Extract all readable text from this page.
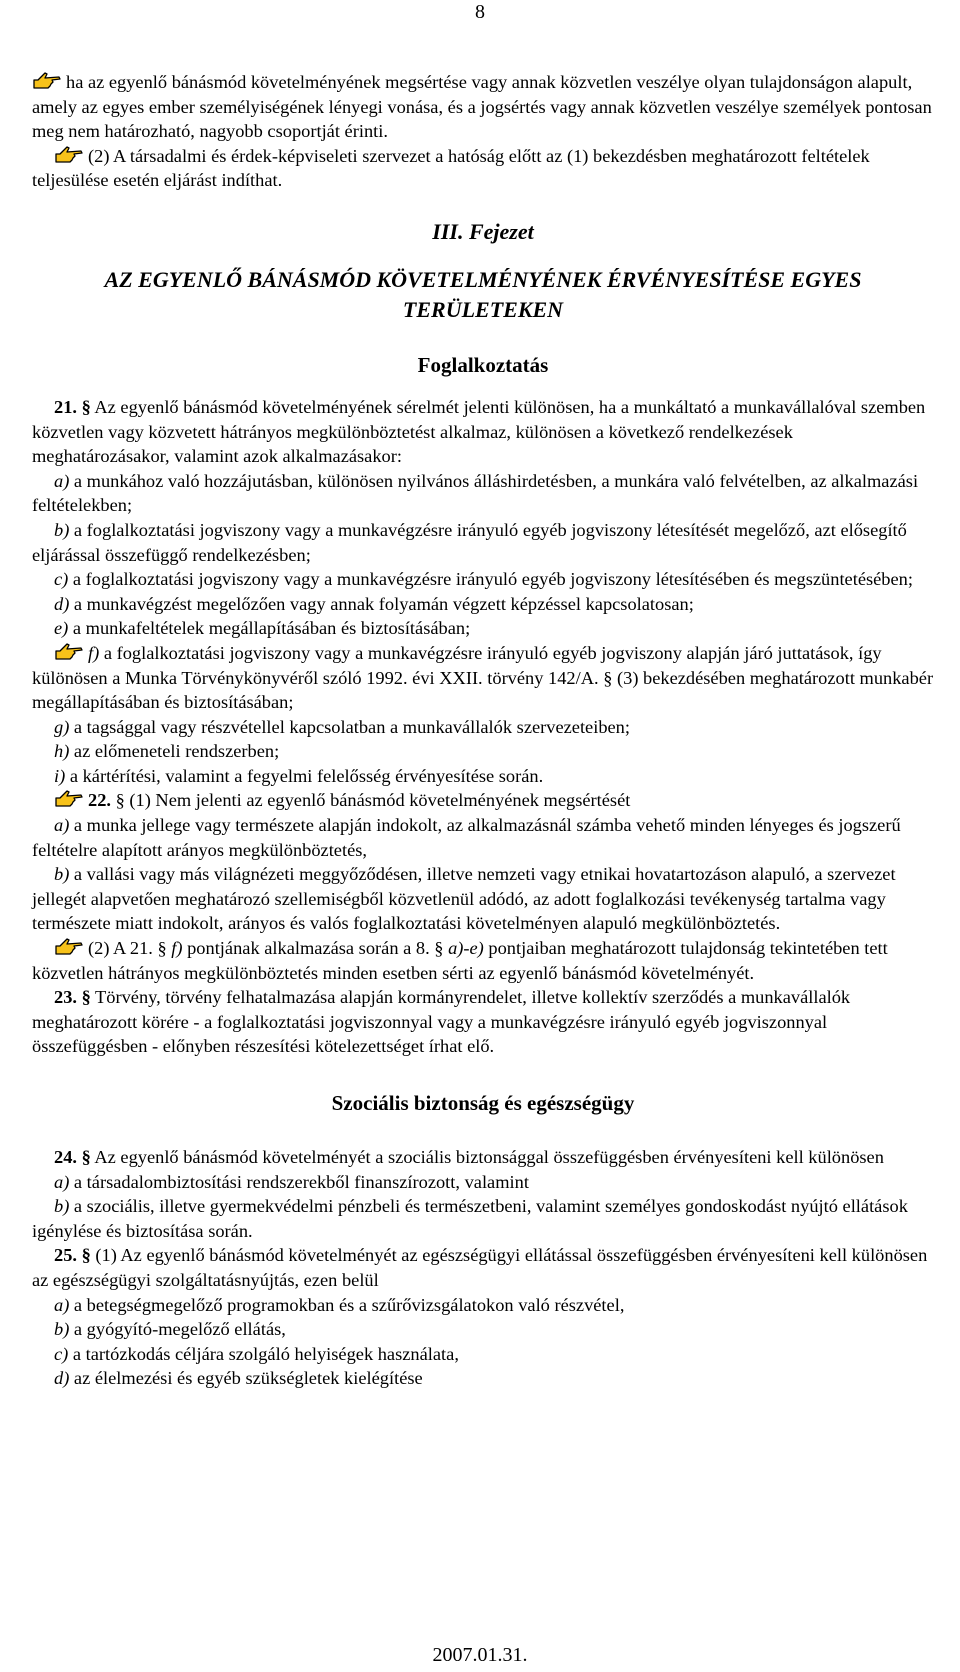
8

ha az egyenlő bánásmód követelményének megsértése vagy annak közvetlen veszélye olyan tulajdonságon alapult, amely az egyes ember személyiségének lényegi vonása, és a jogsértés vagy annak közvetlen veszélye személyek pontosan meg nem határozható, nagyobb csoportját érinti.

(2) A társadalmi és érdek-képviseleti szervezet a hatóság előtt az (1) bekezdésben meghatározott feltételek teljesülése esetén eljárást indíthat.

III. Fejezet
AZ EGYENLŐ BÁNÁSMÓD KÖVETELMÉNYÉNEK ÉRVÉNYESÍTÉSE EGYES TERÜLETEKEN
Foglalkoztatás

21. § Az egyenlő bánásmód követelményének sérelmét jelenti különösen, ha a munkáltató a munkavállalóval szemben közvetlen vagy közvetett hátrányos megkülönböztetést alkalmaz, különösen a következő rendelkezések meghatározásakor, valamint azok alkalmazásakor:

a) a munkához való hozzájutásban, különösen nyilvános álláshirdetésben, a munkára való felvételben, az alkalmazási feltételekben;

b) a foglalkoztatási jogviszony vagy a munkavégzésre irányuló egyéb jogviszony létesítését megelőző, azt elősegítő eljárással összefüggő rendelkezésben;

c) a foglalkoztatási jogviszony vagy a munkavégzésre irányuló egyéb jogviszony létesítésében és megszüntetésében;

d) a munkavégzést megelőzően vagy annak folyamán végzett képzéssel kapcsolatosan;

e) a munkafeltételek megállapításában és biztosításában;

f) a foglalkoztatási jogviszony vagy a munkavégzésre irányuló egyéb jogviszony alapján járó juttatások, így különösen a Munka Törvénykönyvéről szóló 1992. évi XXII. törvény 142/A. § (3) bekezdésében meghatározott munkabér megállapításában és biztosításában;

g) a tagsággal vagy részvétellel kapcsolatban a munkavállalók szervezeteiben;

h) az előmeneteli rendszerben;

i) a kártérítési, valamint a fegyelmi felelősség érvényesítése során.

22. § (1) Nem jelenti az egyenlő bánásmód követelményének megsértését

a) a munka jellege vagy természete alapján indokolt, az alkalmazásnál számba vehető minden lényeges és jogszerű feltételre alapított arányos megkülönböztetés,

b) a vallási vagy más világnézeti meggyőződésen, illetve nemzeti vagy etnikai hovatartozáson alapuló, a szervezet jellegét alapvetően meghatározó szellemiségből közvetlenül adódó, az adott foglalkozási tevékenység tartalma vagy természete miatt indokolt, arányos és valós foglalkoztatási követelményen alapuló megkülönböztetés.

(2) A 21. § f) pontjának alkalmazása során a 8. § a)-e) pontjaiban meghatározott tulajdonság tekintetében tett közvetlen hátrányos megkülönböztetés minden esetben sérti az egyenlő bánásmód követelményét.

23. § Törvény, törvény felhatalmazása alapján kormányrendelet, illetve kollektív szerződés a munkavállalók meghatározott körére - a foglalkoztatási jogviszonnyal vagy a munkavégzésre irányuló egyéb jogviszonnyal összefüggésben - előnyben részesítési kötelezettséget írhat elő.

Szociális biztonság és egészségügy

24. § Az egyenlő bánásmód követelményét a szociális biztonsággal összefüggésben érvényesíteni kell különösen

a) a társadalombiztosítási rendszerekből finanszírozott, valamint

b) a szociális, illetve gyermekvédelmi pénzbeli és természetbeni, valamint személyes gondoskodást nyújtó ellátások igénylése és biztosítása során.

25. § (1) Az egyenlő bánásmód követelményét az egészségügyi ellátással összefüggésben érvényesíteni kell különösen az egészségügyi szolgáltatásnyújtás, ezen belül

a) a betegségmegelőző programokban és a szűrővizsgálatokon való részvétel,

b) a gyógyító-megelőző ellátás,

c) a tartózkodás céljára szolgáló helyiségek használata,

d) az élelmezési és egyéb szükségletek kielégítése

2007.01.31.
